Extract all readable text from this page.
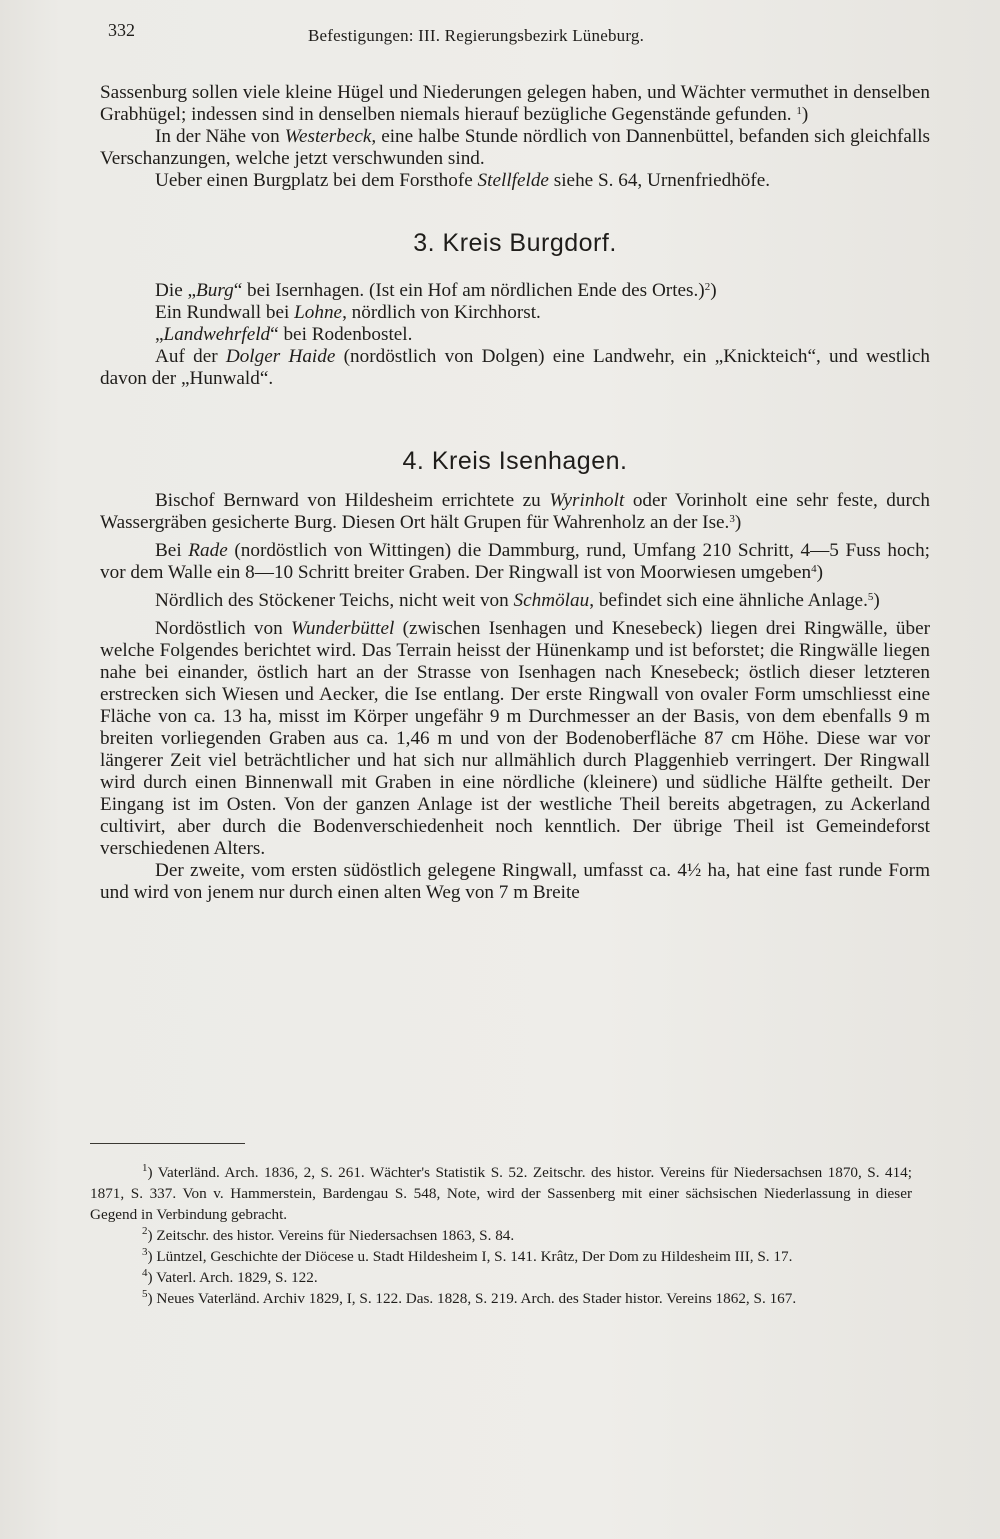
332	Befestigungen: III. Regierungsbezirk Lüneburg.

Sassenburg sollen viele kleine Hügel und Niederungen gelegen haben, und Wächter vermuthet in denselben Grabhügel; indessen sind in denselben niemals hierauf bezügliche Gegenstände gefunden. $^1$)

In der Nähe von Westerbeck, eine halbe Stunde nördlich von Dannenbüttel, befanden sich gleichfalls Verschanzungen, welche jetzt verschwunden sind.

Ueber einen Burgplatz bei dem Forsthofe Stellfelde siehe S. 64, Urnenfriedhöfe.

3. Kreis Burgdorf.

Die „Burg“ bei Isernhagen. (Ist ein Hof am nördlichen Ende des Ortes.)$^2$)

Ein Rundwall bei Lohne, nördlich von Kirchhorst.

„Landwehrfeld“ bei Rodenbostel.

Auf der Dolger Haide (nordöstlich von Dolgen) eine Landwehr, ein „Knickteich“, und westlich davon der „Hunwald“.

4. Kreis Isenhagen.

Bischof Bernward von Hildesheim errichtete zu Wyrinholt oder Vorinholt eine sehr feste, durch Wassergräben gesicherte Burg. Diesen Ort hält Grupen für Wahrenholz an der Ise.$^3$)

Bei Rade (nordöstlich von Wittingen) die Dammburg, rund, Umfang 210 Schritt, 4—5 Fuss hoch; vor dem Walle ein 8—10 Schritt breiter Graben. Der Ringwall ist von Moorwiesen umgeben$^4$)

Nördlich des Stöckener Teichs, nicht weit von Schmölau, befindet sich eine ähnliche Anlage.$^5$)

Nordöstlich von Wunderbüttel (zwischen Isenhagen und Knesebeck) liegen drei Ringwälle, über welche Folgendes berichtet wird. Das Terrain heisst der Hünenkamp und ist beforstet; die Ringwälle liegen nahe bei einander, östlich hart an der Strasse von Isenhagen nach Knesebeck; östlich dieser letzteren erstrecken sich Wiesen und Aecker, die Ise entlang. Der erste Ringwall von ovaler Form umschliesst eine Fläche von ca. 13 ha, misst im Körper ungefähr 9 m Durchmesser an der Basis, von dem ebenfalls 9 m breiten vorliegenden Graben aus ca. 1,46 m und von der Bodenoberfläche 87 cm Höhe. Diese war vor längerer Zeit viel beträchtlicher und hat sich nur allmählich durch Plaggenhieb verringert. Der Ringwall wird durch einen Binnenwall mit Graben in eine nördliche (kleinere) und südliche Hälfte getheilt. Der Eingang ist im Osten. Von der ganzen Anlage ist der westliche Theil bereits abgetragen, zu Ackerland cultivirt, aber durch die Bodenverschiedenheit noch kenntlich. Der übrige Theil ist Gemeindeforst verschiedenen Alters.

Der zweite, vom ersten südöstlich gelegene Ringwall, umfasst ca. 4½ ha, hat eine fast runde Form und wird von jenem nur durch einen alten Weg von 7 m Breite

$^1$) Vaterländ. Arch. 1836, 2, S. 261. Wächter's Statistik S. 52. Zeitschr. des histor. Vereins für Niedersachsen 1870, S. 414; 1871, S. 337. Von v. Hammerstein, Bardengau S. 548, Note, wird der Sassenberg mit einer sächsischen Niederlassung in dieser Gegend in Verbindung gebracht.

$^2$) Zeitschr. des histor. Vereins für Niedersachsen 1863, S. 84.

$^3$) Lüntzel, Geschichte der Diöcese u. Stadt Hildesheim I, S. 141. Krâtz, Der Dom zu Hildesheim III, S. 17.

$^4$) Vaterl. Arch. 1829, S. 122.

$^5$) Neues Vaterländ. Archiv 1829, I, S. 122. Das. 1828, S. 219. Arch. des Stader histor. Vereins 1862, S. 167.
